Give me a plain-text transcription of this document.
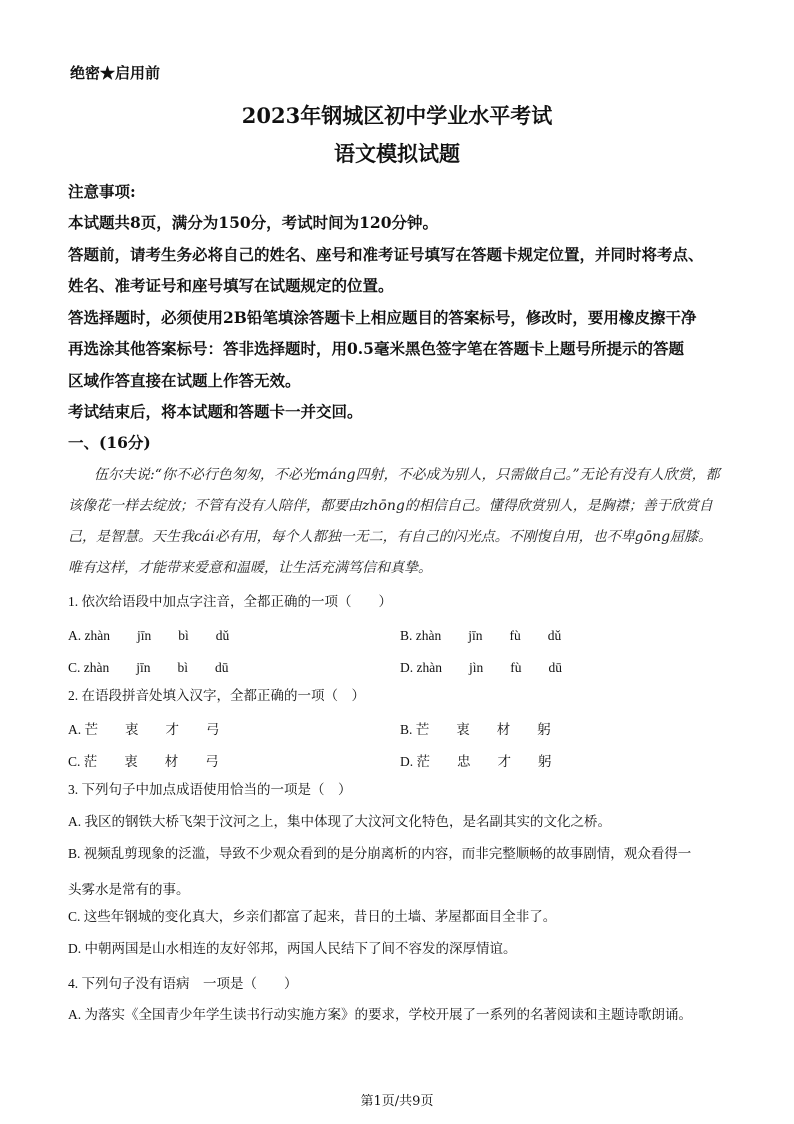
绝密★启用前
2023年钢城区初中学业水平考试
语文模拟试题
注意事项:
本试题共8页，满分为150分，考试时间为120分钟。
答题前，请考生务必将自己的姓名、座号和准考证号填写在答题卡规定位置，并同时将考点、
姓名、准考证号和座号填写在试题规定的位置。
答选择题时，必须使用2B铅笔填涂答题卡上相应题目的答案标号，修改时，要用橡皮擦干净
再选涂其他答案标号：答非选择题时，用0.5毫米黑色签字笔在答题卡上题号所提示的答题
区域作答直接在试题上作答无效。
考试结束后，将本试题和答题卡一并交回。
一、(16分)
伍尔夫说:“你不必行色匆匆，不必光máng四射，不必成为别人，只需做自己。”无论有没有人欣赏，都
该像花一样去绽放；不管有没有人陪伴，都要由zhōng的相信自己。懂得欣赏别人，是胸襟；善于欣赏自
己，是智慧。天生我cái必有用，每个人都独一无二，有自己的闪光点。不刚愎自用，也不卑gōng屈膝。
唯有这样，才能带来爱意和温暖，让生活充满笃信和真挚。
1. 依次给语段中加点字注音，全都正确的一项（　　）
A. zhàn　　jīn　　bì　　dǔ	B. zhàn　　jīn　　fù　　dǔ
C. zhàn　　jīn　　bì　　dū	D. zhàn　　jìn　　fù　　dū
2. 在语段拼音处填入汉字，全都正确的一项（　）
A. 芒　　衷　　才　　弓	B. 芒　　衷　　材　　躬
C. 茫　　衷　　材　　弓	D. 茫　　忠　　才　　躬
3. 下列句子中加点成语使用恰当的一项是（　）
A. 我区的钢铁大桥飞架于汶河之上，集中体现了大汶河文化特色，是名副其实的文化之桥。
B. 视频乱剪现象的泛滥，导致不少观众看到的是分崩离析的内容，而非完整顺畅的故事剧情，观众看得一
头雾水是常有的事。
C. 这些年钢城的变化真大，乡亲们都富了起来，昔日的土墙、茅屋都面目全非了。
D. 中朝两国是山水相连的友好邻邦，两国人民结下了间不容发的深厚情谊。
4. 下列句子没有语病　一项是（　　）
A. 为落实《全国青少年学生读书行动实施方案》的要求，学校开展了一系列的名著阅读和主题诗歌朗诵。
第1页/共9页
